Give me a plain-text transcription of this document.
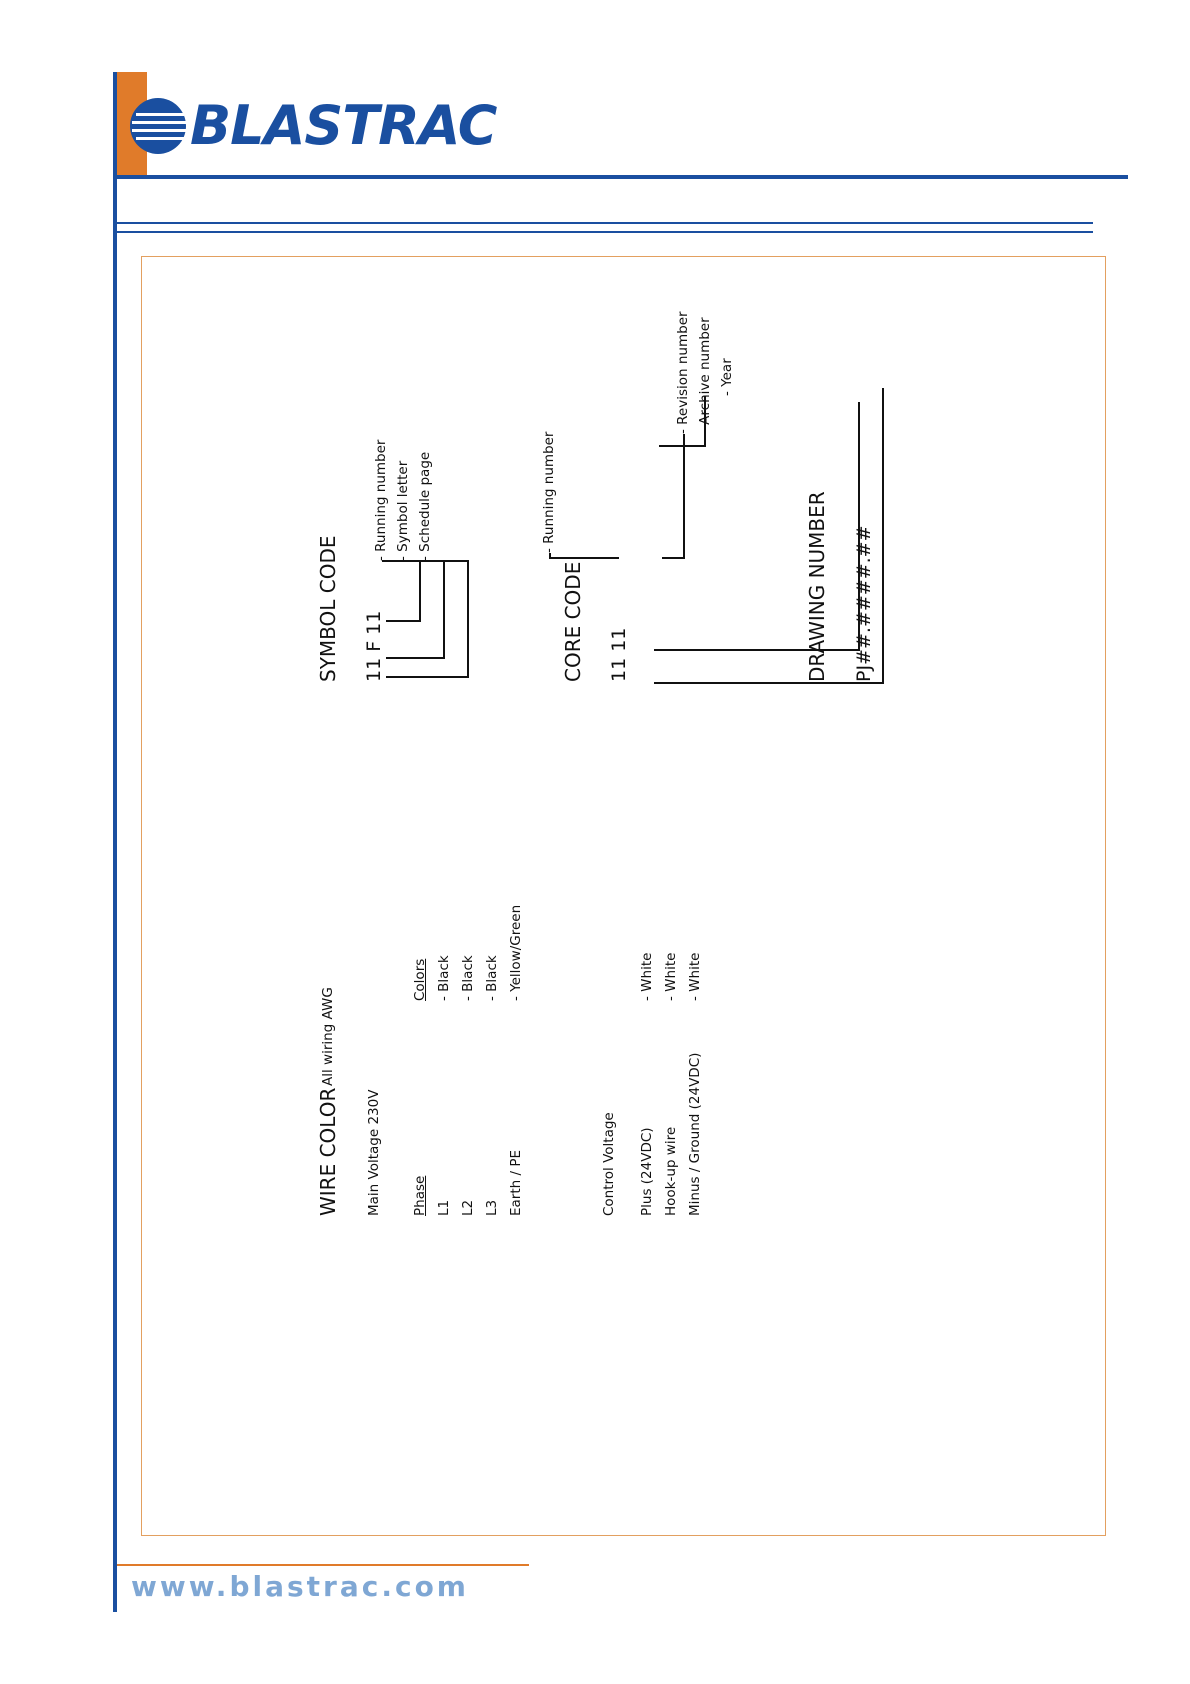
BLASTRAC
WIRE COLOR
All wiring AWG
Main Voltage 230V Phase
Colors
L1
- Black
L2
- Black
L3
- Black
Earth / PE
- Yellow/Green
Control Voltage Plus (24VDC)
- White
Hook-up wire
- White
Minus / Ground (24VDC)
- White
SYMBOL CODE 11 F 11
- Running number - Symbol letter - Schedule page
CORE CODE 11 11
- Running number	DRAWING NUMBER PJ##.####.##
- Revision number - Archive number - Year
www.blastrac.com
